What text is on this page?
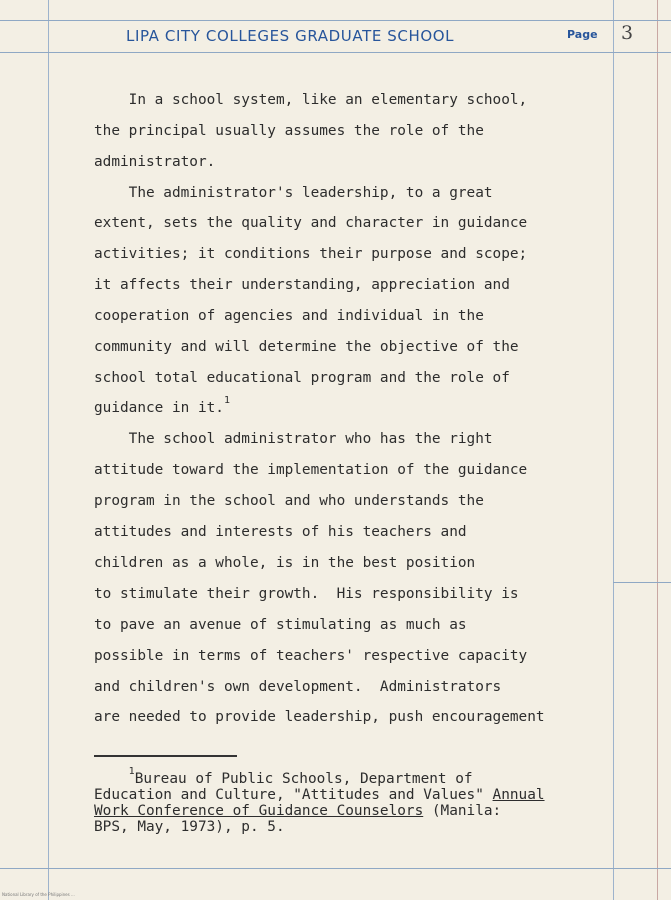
LIPA CITY COLLEGES GRADUATE SCHOOL	Page 3
In a school system, like an elementary school,
the principal usually assumes the role of the
administrator.
The administrator's leadership, to a great
extent, sets the quality and character in guidance
activities; it conditions their purpose and scope;
it affects their understanding, appreciation and
cooperation of agencies and individual in the
community and will determine the objective of the
school total educational program and the role of
guidance in it.$^1$
The school administrator who has the right
attitude toward the implementation of the guidance
program in the school and who understands the
attitudes and interests of his teachers and
children as a whole, is in the best position
to stimulate their growth.  His responsibility is
to pave an avenue of stimulating as much as
possible in terms of teachers' respective capacity
and children's own development.  Administrators
are needed to provide leadership, push encouragement
$^1$Bureau of Public Schools, Department of
Education and Culture, "Attitudes and Values" Annual
Work Conference of Guidance Counselors (Manila:
BPS, May, 1973), p. 5.
National Library of the Philippines ...
